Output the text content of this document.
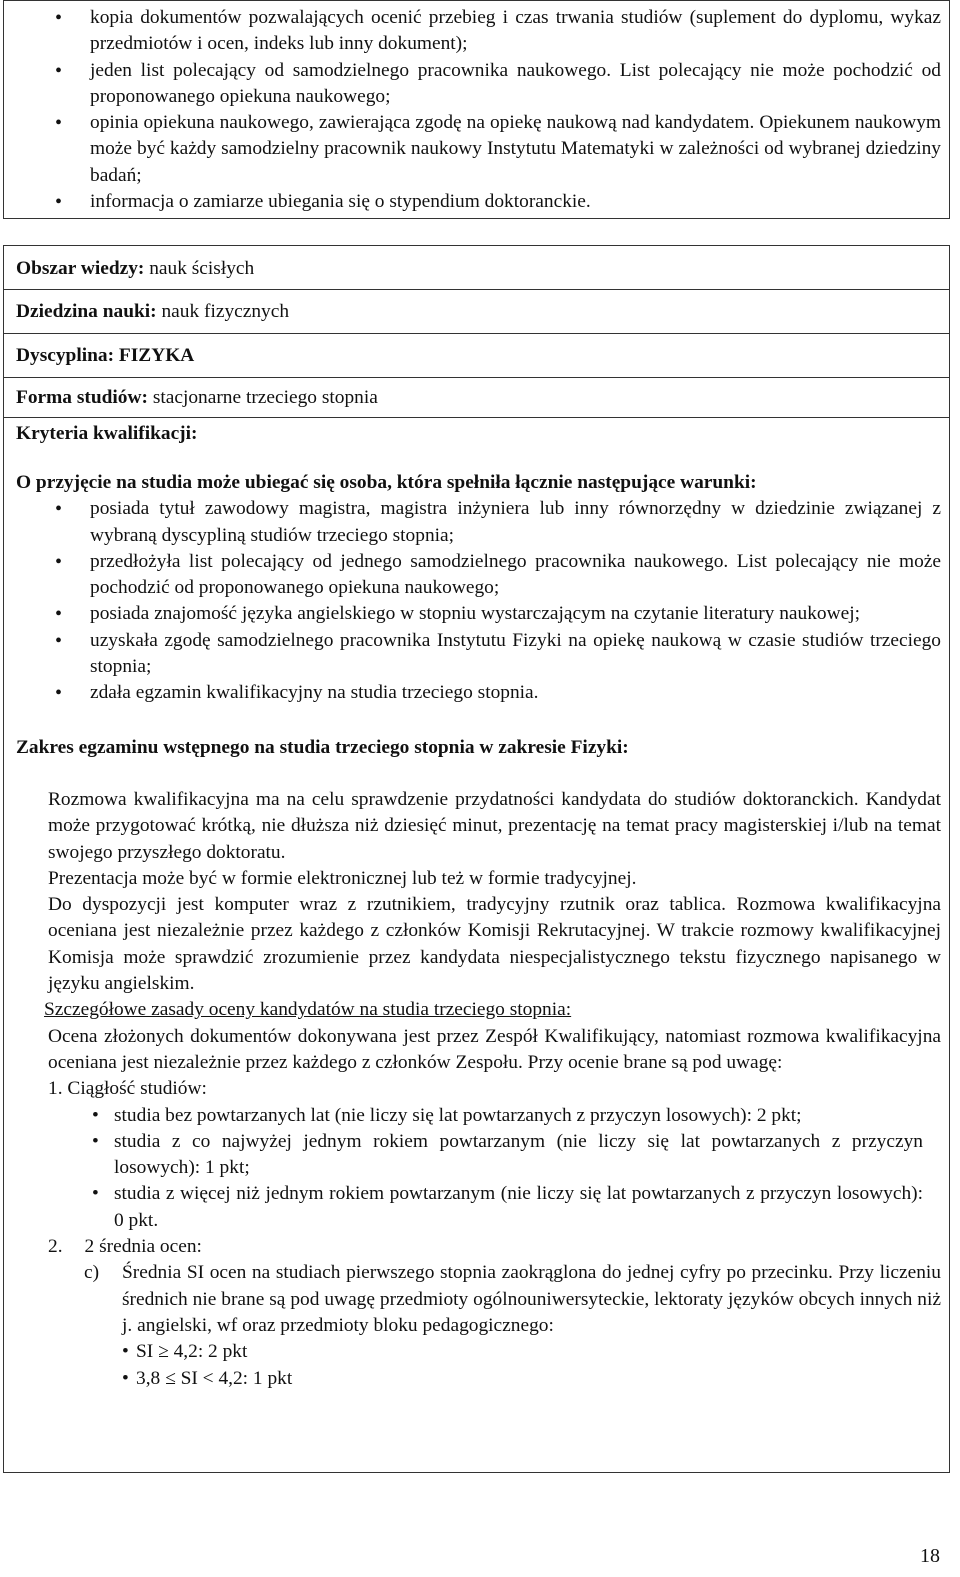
• kopia dokumentów pozwalających ocenić przebieg i czas trwania studiów (suplement do dyplomu, wykaz przedmiotów i ocen, indeks lub inny dokument);
• jeden list polecający od samodzielnego pracownika naukowego. List polecający nie może pochodzić od proponowanego opiekuna naukowego;
• opinia opiekuna naukowego, zawierająca zgodę na opiekę naukową nad kandydatem. Opiekunem naukowym może być każdy samodzielny pracownik naukowy Instytutu Matematyki w zależności od wybranej dziedziny badań;
• informacja o zamiarze ubiegania się o stypendium doktoranckie.
Obszar wiedzy: nauk ścisłych
Dziedzina nauki: nauk fizycznych
Dyscyplina: FIZYKA
Forma studiów: stacjonarne trzeciego stopnia
Kryteria kwalifikacji:
O przyjęcie na studia może ubiegać się osoba, która spełniła łącznie następujące warunki:
• posiada tytuł zawodowy magistra, magistra inżyniera lub inny równorzędny w dziedzinie związanej z wybraną dyscypliną studiów trzeciego stopnia;
• przedłożyła list polecający od jednego samodzielnego pracownika naukowego. List polecający nie może pochodzić od proponowanego opiekuna naukowego;
• posiada znajomość języka angielskiego w stopniu wystarczającym na czytanie literatury naukowej;
• uzyskała zgodę samodzielnego pracownika Instytutu Fizyki na opiekę naukową w czasie studiów trzeciego stopnia;
• zdała egzamin kwalifikacyjny na studia trzeciego stopnia.
Zakres egzaminu wstępnego na studia trzeciego stopnia w zakresie Fizyki:
Rozmowa kwalifikacyjna ma na celu sprawdzenie przydatności kandydata do studiów doktoranckich. Kandydat może przygotować krótką, nie dłuższa niż dziesięć minut, prezentację na temat pracy magisterskiej i/lub na temat swojego przyszłego doktoratu.
Prezentacja może być w formie elektronicznej lub też w formie tradycyjnej.
Do dyspozycji jest komputer wraz z rzutnikiem, tradycyjny rzutnik oraz tablica. Rozmowa kwalifikacyjna oceniana jest niezależnie przez każdego z członków Komisji Rekrutacyjnej. W trakcie rozmowy kwalifikacyjnej Komisja może sprawdzić zrozumienie przez kandydata niespecjalistycznego tekstu fizycznego napisanego w języku angielskim.
Szczegółowe zasady oceny kandydatów na studia trzeciego stopnia:
Ocena złożonych dokumentów dokonywana jest przez Zespół Kwalifikujący, natomiast rozmowa kwalifikacyjna oceniana jest niezależnie przez każdego z członków Zespołu. Przy ocenie brane są pod uwagę:
1. Ciągłość studiów:
• studia bez powtarzanych lat (nie liczy się lat powtarzanych z przyczyn losowych): 2 pkt;
• studia z co najwyżej jednym rokiem powtarzanym (nie liczy się lat powtarzanych z przyczyn losowych): 1 pkt;
• studia z więcej niż jednym rokiem powtarzanym (nie liczy się lat powtarzanych z przyczyn losowych): 0 pkt.
2. 2 średnia ocen:
c) Średnia SI ocen na studiach pierwszego stopnia zaokrąglona do jednej cyfry po przecinku. Przy liczeniu średnich nie brane są pod uwagę przedmioty ogólnouniwersyteckie, lektoraty języków obcych innych niż j. angielski, wf oraz przedmioty bloku pedagogicznego:
• SI ≥ 4,2: 2 pkt
• 3,8 ≤ SI < 4,2: 1 pkt
18
